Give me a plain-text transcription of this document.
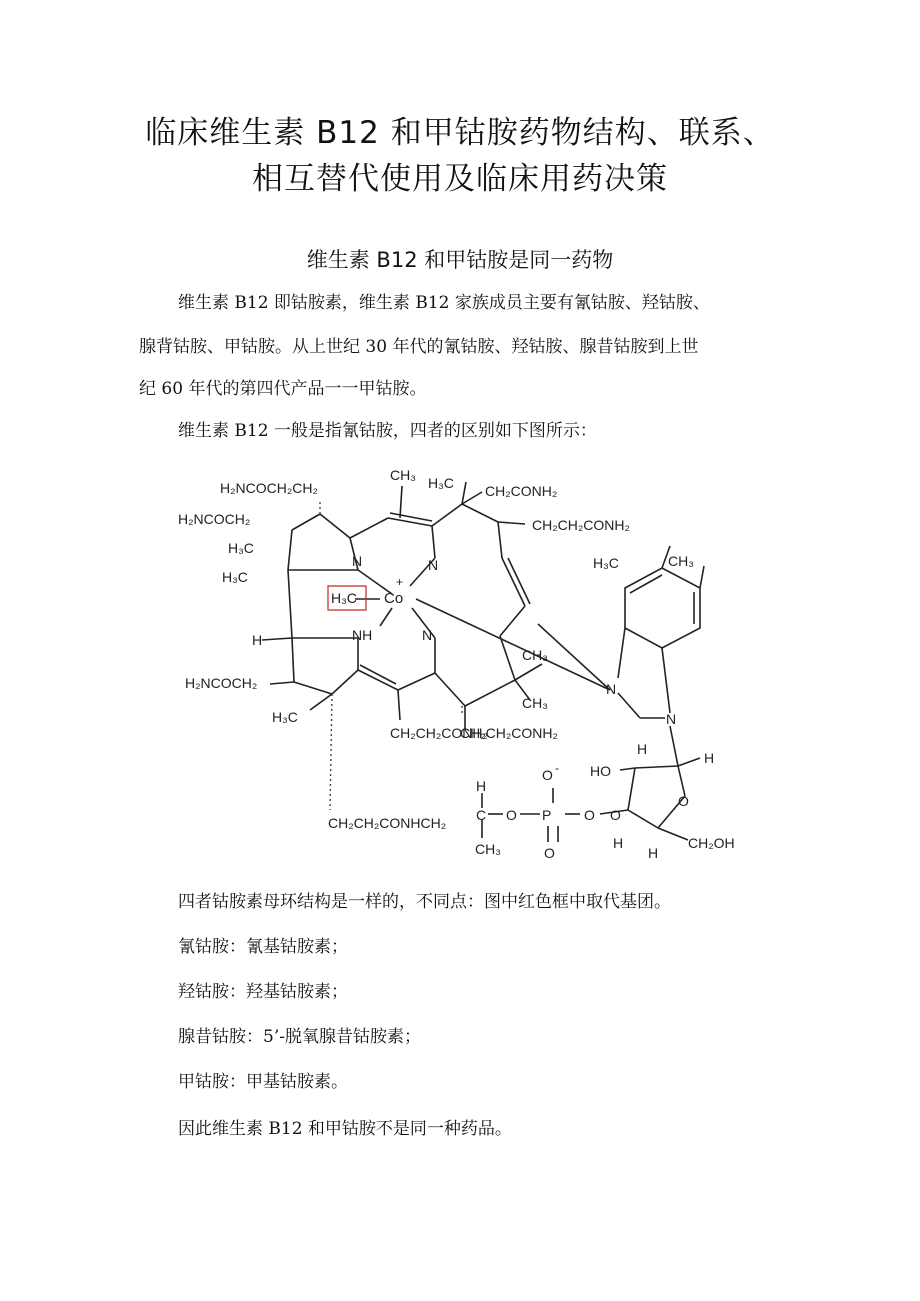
临床维生素 B12 和甲钴胺药物结构、联系、
相互替代使用及临床用药决策
维生素 B12 和甲钴胺是同一药物
维生素 B12 即钴胺素，维生素 B12 家族成员主要有氰钴胺、羟钴胺、
腺背钴胺、甲钴胺。从上世纪 30 年代的氰钴胺、羟钴胺、腺昔钴胺到上世
纪 60 年代的第四代产品一一甲钴胺。
维生素 B12 一般是指氰钴胺，四者的区别如下图所示：
H₂NCOCH₂CH₂
CH₃ H₃C CH₂CONH₂
H₂NCOCH₂	CH₂CH₂CONH₂
H₃C
H₃C
H₃C Co
+
N	N
NH	N
H
H₃C	CH₃
H₂NCOCH₂
CH₃
H₃C
CH₃
CH₂CH₂CONH₂
CH₂CH₂CONH₂
N
N
O - HO
H
H
O
CH₂CH₂CONHCH₂ C O P
O
O
H
CH₃
O
H
H
CH₂OH
四者钴胺素母环结构是一样的，不同点：图中红色框中取代基团。
氰钴胺：氰基钴胺素；
羟钴胺：羟基钴胺素；
腺昔钴胺：5’-脱氧腺昔钴胺素；
甲钴胺：甲基钴胺素。
因此维生素 B12 和甲钴胺不是同一种药品。
